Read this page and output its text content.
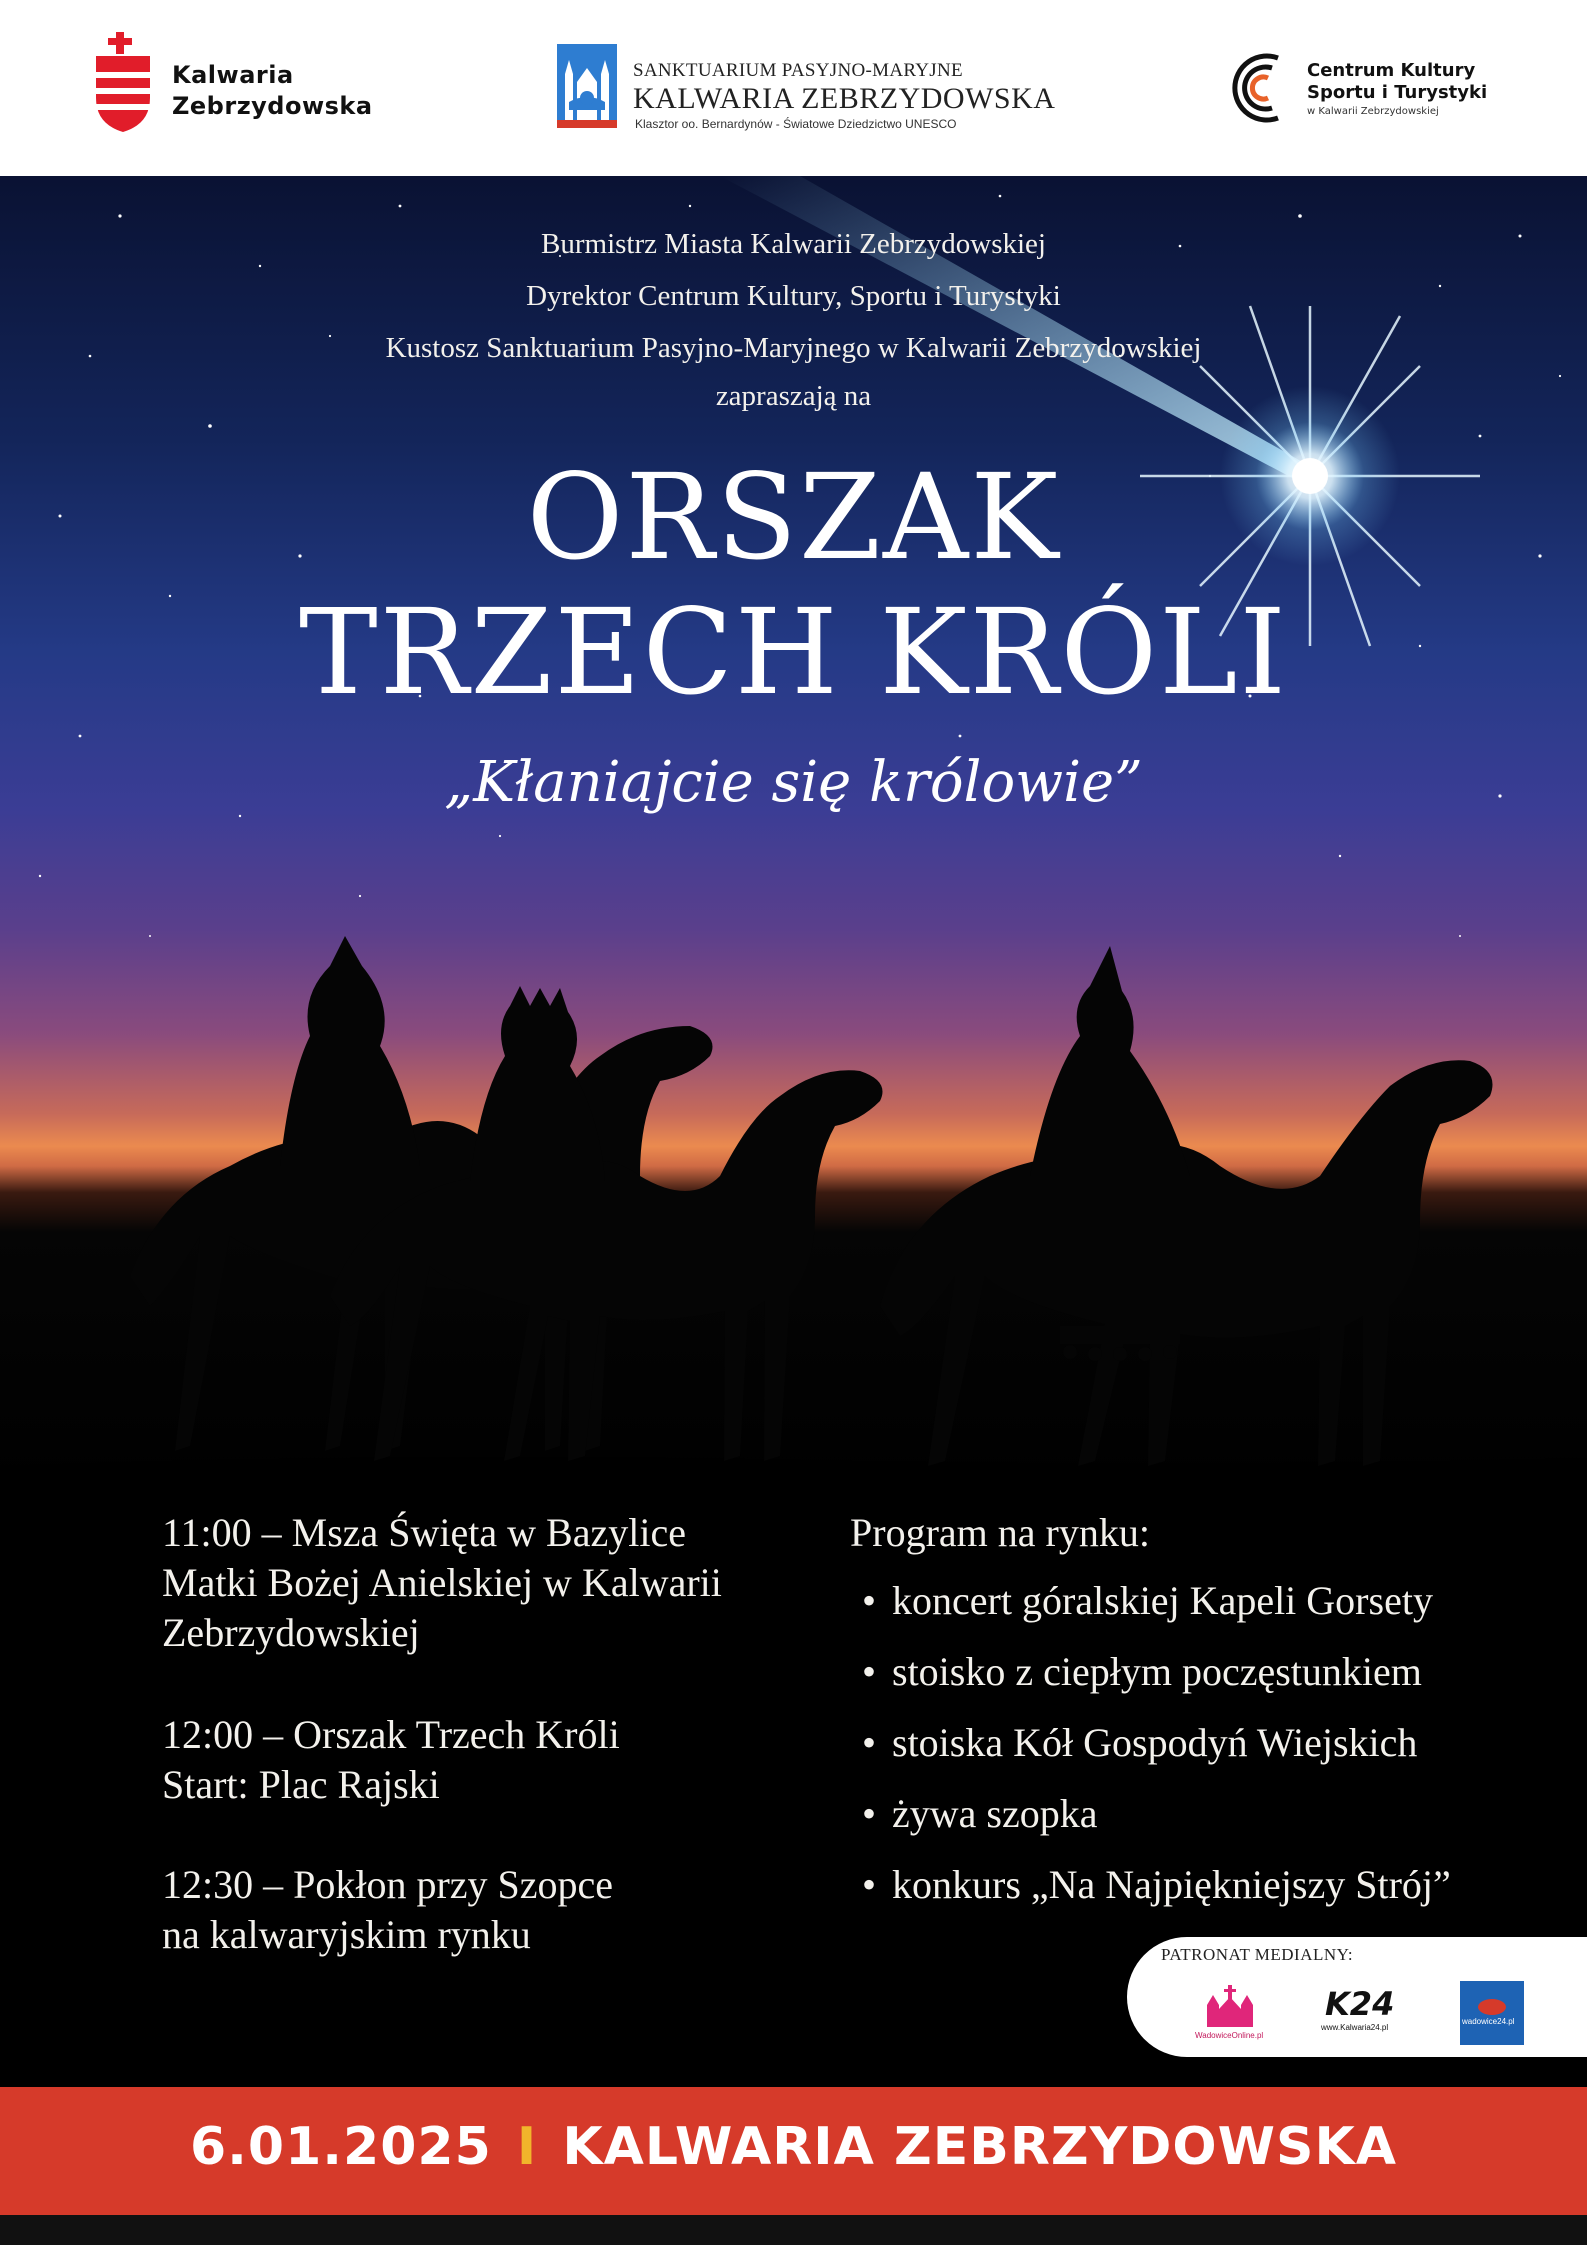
Kalwaria
Zebrzydowska
SANKTUARIUM PASYJNO-MARYJNE
KALWARIA ZEBRZYDOWSKA
Klasztor oo. Bernardynów - Światowe Dziedzictwo UNESCO
Centrum Kultury
Sportu i Turystyki
w Kalwarii Zebrzydowskiej
Burmistrz Miasta Kalwarii Zebrzydowskiej
Dyrektor Centrum Kultury, Sportu i Turystyki
Kustosz Sanktuarium Pasyjno-Maryjnego w Kalwarii Zebrzydowskiej
zapraszają na
ORSZAK
TRZECH KRÓLI
„Kłaniajcie się królowie”
11:00 – Msza Święta w Bazylice
Matki Bożej Anielskiej w Kalwarii
Zebrzydowskiej
12:00 – Orszak Trzech Króli
Start: Plac Rajski
12:30 – Pokłon przy Szopce
na kalwaryjskim rynku
Program na rynku:
• koncert góralskiej Kapeli Gorsety
• stoisko z ciepłym poczęstunkiem
• stoiska Kół Gospodyń Wiejskich
• żywa szopka
• konkurs „Na Najpiękniejszy Strój”
PATRONAT MEDIALNY:
WadowiceOnline.pl
K24
www.Kalwaria24.pl
wadowice24.pl
6.01.2025 I KALWARIA ZEBRZYDOWSKA
